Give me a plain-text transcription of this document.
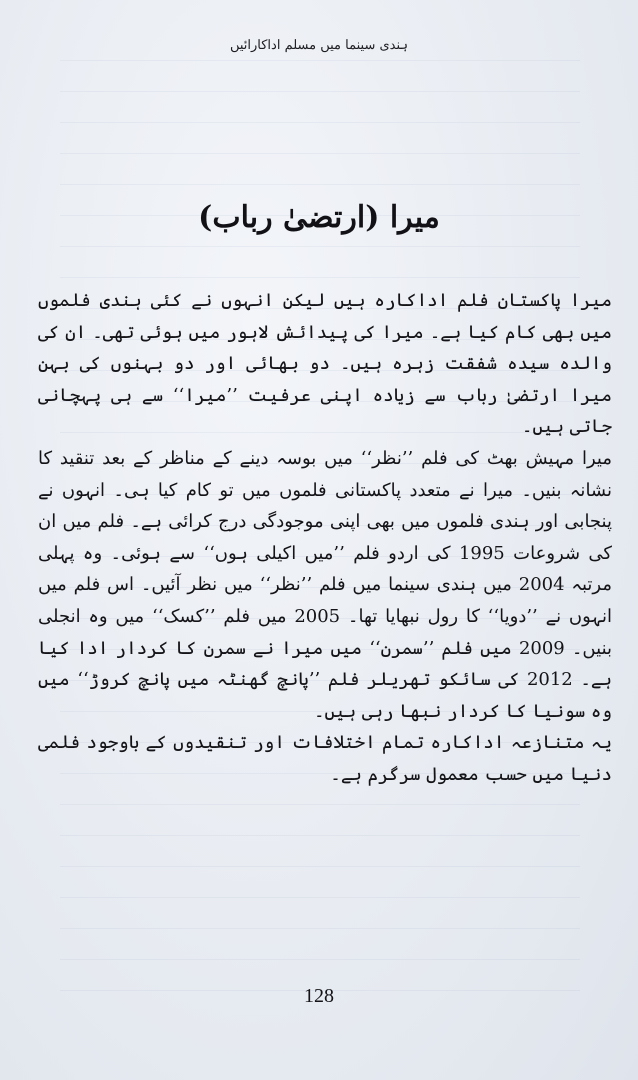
ہندی سینما میں مسلم اداکارائیں
میرا (ارتضیٰ رباب)

میرا پاکستان فلم اداکارہ ہیں لیکن انہوں نے کئی ہندی فلموں میں بھی کام کیا ہے۔ میرا کی پیدائش لاہور میں ہوئی تھی۔ ان کی والدہ سیدہ شفقت زہرہ ہیں۔ دو بھائی اور دو بہنوں کی بہن میرا ارتضیٰ رباب سے زیادہ اپنی عرفیت ’’میرا‘‘ سے ہی پہچانی جاتی ہیں۔

میرا مہیش بھٹ کی فلم ’’نظر‘‘ میں بوسہ دینے کے مناظر کے بعد تنقید کا نشانہ بنیں۔ میرا نے متعدد پاکستانی فلموں میں تو کام کیا ہی۔ انہوں نے پنجابی اور ہندی فلموں میں بھی اپنی موجودگی درج کرائی ہے۔ فلم میں ان کی شروعات 1995 کی اردو فلم ’’میں اکیلی ہوں‘‘ سے ہوئی۔ وہ پہلی مرتبہ 2004 میں ہندی سینما میں فلم ’’نظر‘‘ میں نظر آئیں۔ اس فلم میں انہوں نے ’’دویا‘‘ کا رول نبھایا تھا۔ 2005 میں فلم ’’کسک‘‘ میں وہ انجلی بنیں۔ 2009 میں فلم ’’سمرن‘‘ میں میرا نے سمرن کا کردار ادا کیا ہے۔ 2012 کی سائکو تھریلر فلم ’’پانچ گھنٹہ میں پانچ کروڑ‘‘ میں وہ سونیا کا کردار نبھا رہی ہیں۔

یہ متنازعہ اداکارہ تمام اختلافات اور تنقیدوں کے باوجود فلمی دنیا میں حسب معمول سرگرم ہے۔

128
